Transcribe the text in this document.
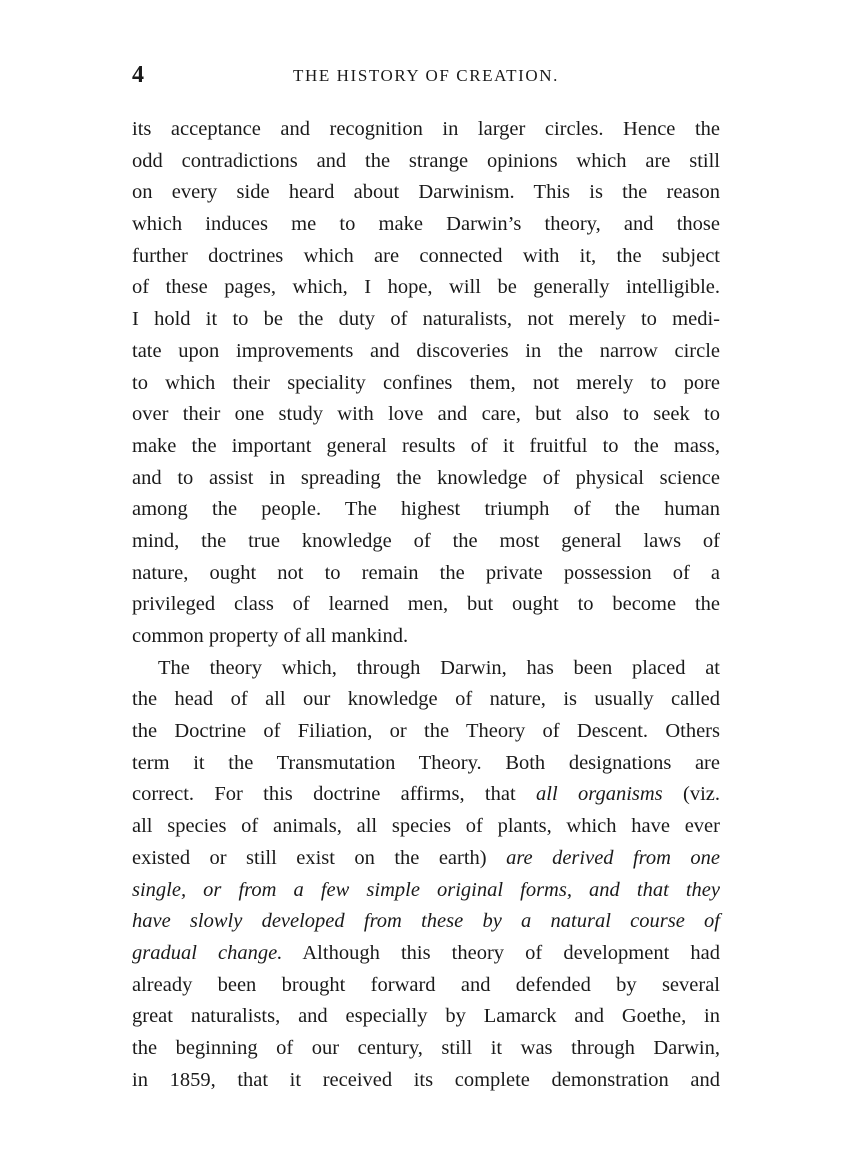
4	THE HISTORY OF CREATION.
its acceptance and recognition in larger circles. Hence the
odd contradictions and the strange opinions which are still
on every side heard about Darwinism. This is the reason
which induces me to make Darwin’s theory, and those
further doctrines which are connected with it, the subject
of these pages, which, I hope, will be generally intelligible.
I hold it to be the duty of naturalists, not merely to medi-
tate upon improvements and discoveries in the narrow circle
to which their speciality confines them, not merely to pore
over their one study with love and care, but also to seek to
make the important general results of it fruitful to the mass,
and to assist in spreading the knowledge of physical science
among the people. The highest triumph of the human
mind, the true knowledge of the most general laws of
nature, ought not to remain the private possession of a
privileged class of learned men, but ought to become the
common property of all mankind.
The theory which, through Darwin, has been placed at
the head of all our knowledge of nature, is usually called
the Doctrine of Filiation, or the Theory of Descent. Others
term it the Transmutation Theory. Both designations are
correct. For this doctrine affirms, that all organisms (viz.
all species of animals, all species of plants, which have ever
existed or still exist on the earth) are derived from one
single, or from a few simple original forms, and that they
have slowly developed from these by a natural course of
gradual change. Although this theory of development had
already been brought forward and defended by several
great naturalists, and especially by Lamarck and Goethe, in
the beginning of our century, still it was through Darwin,
in 1859, that it received its complete demonstration and
